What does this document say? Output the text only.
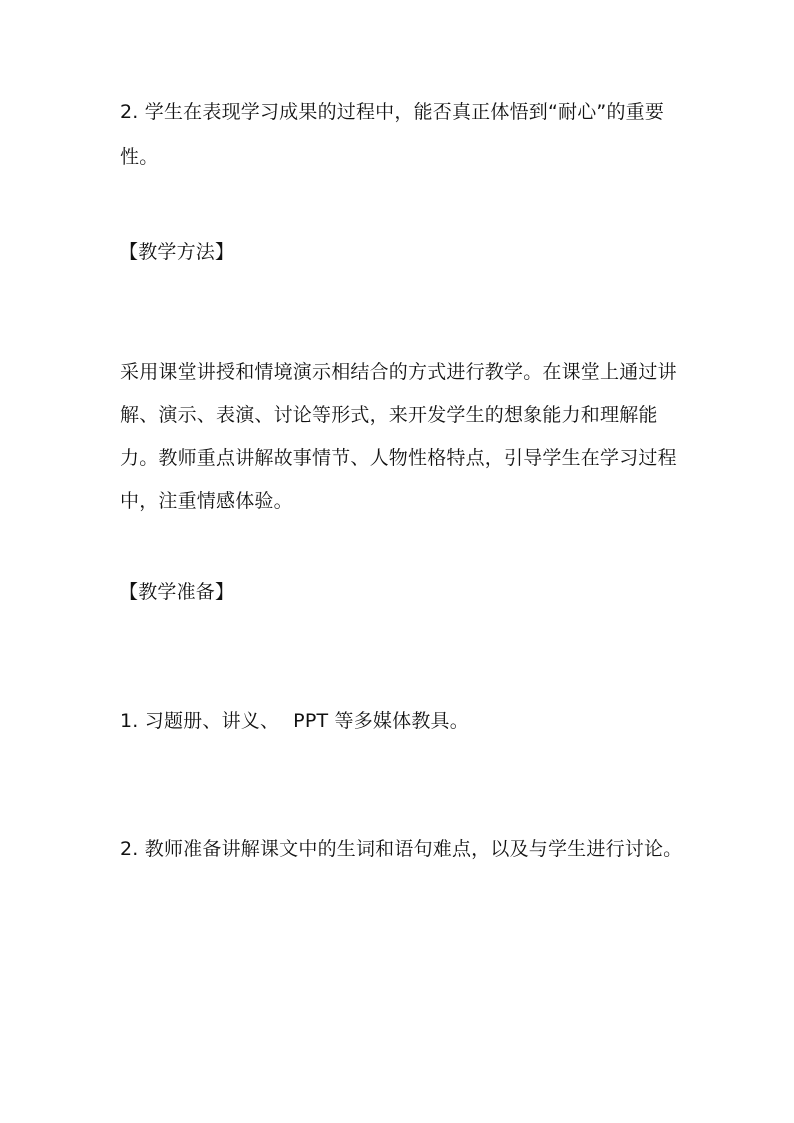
2. 学生在表现学习成果的过程中，能否真正体悟到“耐心”的重要
性。
【教学方法】
采用课堂讲授和情境演示相结合的方式进行教学。在课堂上通过讲
解、演示、表演、讨论等形式，来开发学生的想象能力和理解能
力。教师重点讲解故事情节、人物性格特点，引导学生在学习过程
中，注重情感体验。
【教学准备】
1. 习题册、讲义、 PPT 等多媒体教具。
2. 教师准备讲解课文中的生词和语句难点，以及与学生进行讨论。
